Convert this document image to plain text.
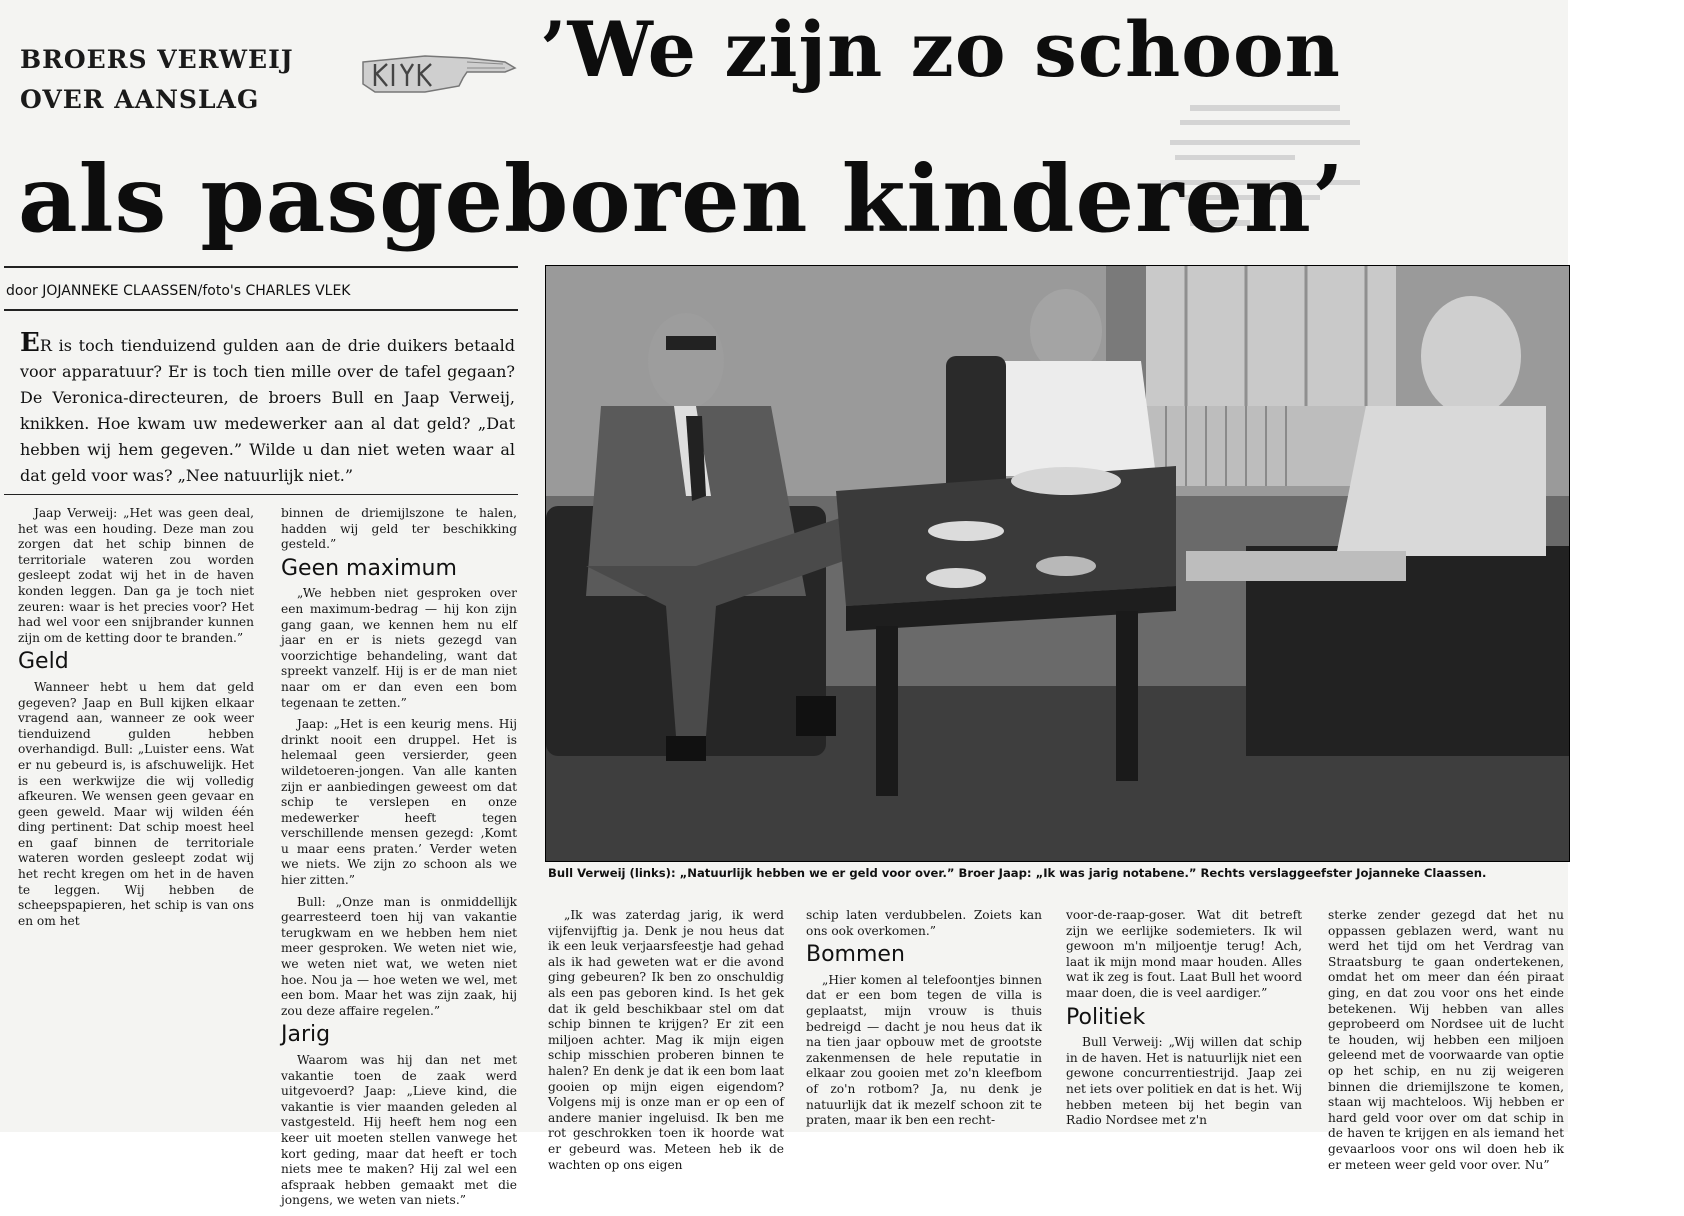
BROERS VERWEIJ
OVER AANSLAG
’We zijn zo schoon
als pasgeboren kinderen’
door JOJANNEKE CLAASSEN/foto's CHARLES VLEK

ER is toch tienduizend gulden aan de drie duikers betaald voor apparatuur? Er is toch tien mille over de tafel gegaan? De Veronica-directeuren, de broers Bull en Jaap Verweij, knikken. Hoe kwam uw medewerker aan al dat geld? „Dat hebben wij hem gegeven.” Wilde u dan niet weten waar al dat geld voor was? „Nee natuurlijk niet.”

Jaap Verweij: „Het was geen deal, het was een houding. Deze man zou zorgen dat het schip binnen de territoriale wateren zou worden gesleept zodat wij het in de haven konden leggen. Dan ga je toch niet zeuren: waar is het precies voor? Het had wel voor een snijbrander kunnen zijn om de ketting door te branden.”

Geld

Wanneer hebt u hem dat geld gegeven? Jaap en Bull kijken elkaar vragend aan, wanneer ze ook weer tienduizend gulden hebben overhandigd. Bull: „Luister eens. Wat er nu gebeurd is, is afschuwelijk. Het is een werkwijze die wij volledig afkeuren. We wensen geen gevaar en geen geweld. Maar wij wilden één ding pertinent: Dat schip moest heel en gaaf binnen de territoriale wateren worden gesleept zodat wij het recht kregen om het in de haven te leggen. Wij hebben de scheepspapieren, het schip is van ons en om het

binnen de driemijlszone te halen, hadden wij geld ter beschikking gesteld.”

Geen maximum

„We hebben niet gesproken over een maximum-bedrag — hij kon zijn gang gaan, we kennen hem nu elf jaar en er is niets gezegd van voorzichtige behandeling, want dat spreekt vanzelf. Hij is er de man niet naar om er dan even een bom tegenaan te zetten.”

Jaap: „Het is een keurig mens. Hij drinkt nooit een druppel. Het is helemaal geen versierder, geen wildetoeren-jongen. Van alle kanten zijn er aanbiedingen geweest om dat schip te verslepen en onze medewerker heeft tegen verschillende mensen gezegd: ‚Komt u maar eens praten.’ Verder weten we niets. We zijn zo schoon als we hier zitten.”

Bull: „Onze man is onmiddellijk gearresteerd toen hij van vakantie terugkwam en we hebben hem niet meer gesproken. We weten niet wie, we weten niet wat, we weten niet hoe. Nou ja — hoe weten we wel, met een bom. Maar het was zijn zaak, hij zou deze affaire regelen.”

Jarig

Waarom was hij dan net met vakantie toen de zaak werd uitgevoerd? Jaap: „Lieve kind, die vakantie is vier maanden geleden al vastgesteld. Hij heeft hem nog een keer uit moeten stellen vanwege het kort geding, maar dat heeft er toch niets mee te maken? Hij zal wel een afspraak hebben gemaakt met die jongens, we weten van niets.”

Bull Verweij (links): „Natuurlijk hebben we er geld voor over.” Broer Jaap: „Ik was jarig notabene.” Rechts verslaggeefster Jojanneke Claassen.

„Ik was zaterdag jarig, ik werd vijfenvijftig ja. Denk je nou heus dat ik een leuk verjaarsfeestje had gehad als ik had geweten wat er die avond ging gebeuren? Ik ben zo onschuldig als een pas geboren kind. Is het gek dat ik geld beschikbaar stel om dat schip binnen te krijgen? Er zit een miljoen achter. Mag ik mijn eigen schip misschien proberen binnen te halen? En denk je dat ik een bom laat gooien op mijn eigen eigendom? Volgens mij is onze man er op een of andere manier ingeluisd. Ik ben me rot geschrokken toen ik hoorde wat er gebeurd was. Meteen heb ik de wachten op ons eigen

schip laten verdubbelen. Zoiets kan ons ook overkomen.”

Bommen

„Hier komen al telefoontjes binnen dat er een bom tegen de villa is geplaatst, mijn vrouw is thuis bedreigd — dacht je nou heus dat ik na tien jaar opbouw met de grootste zakenmensen de hele reputatie in elkaar zou gooien met zo'n kleefbom of zo'n rotbom? Ja, nu denk je natuurlijk dat ik mezelf schoon zit te praten, maar ik ben een recht-

voor-de-raap-goser. Wat dit betreft zijn we eerlijke sodemieters. Ik wil gewoon m'n miljoentje terug! Ach, laat ik mijn mond maar houden. Alles wat ik zeg is fout. Laat Bull het woord maar doen, die is veel aardiger.”

Politiek

Bull Verweij: „Wij willen dat schip in de haven. Het is natuurlijk niet een gewone concurrentiestrijd. Jaap zei net iets over politiek en dat is het. Wij hebben meteen bij het begin van Radio Nordsee met z'n

sterke zender gezegd dat het nu oppassen geblazen werd, want nu werd het tijd om het Verdrag van Straatsburg te gaan ondertekenen, omdat het om meer dan één piraat ging, en dat zou voor ons het einde betekenen. Wij hebben van alles geprobeerd om Nordsee uit de lucht te houden, wij hebben een miljoen geleend met de voorwaarde van optie op het schip, en nu zij weigeren binnen die driemijlszone te komen, staan wij machteloos. Wij hebben er hard geld voor over om dat schip in de haven te krijgen en als iemand het gevaarloos voor ons wil doen heb ik er meteen weer geld voor over. Nu”
